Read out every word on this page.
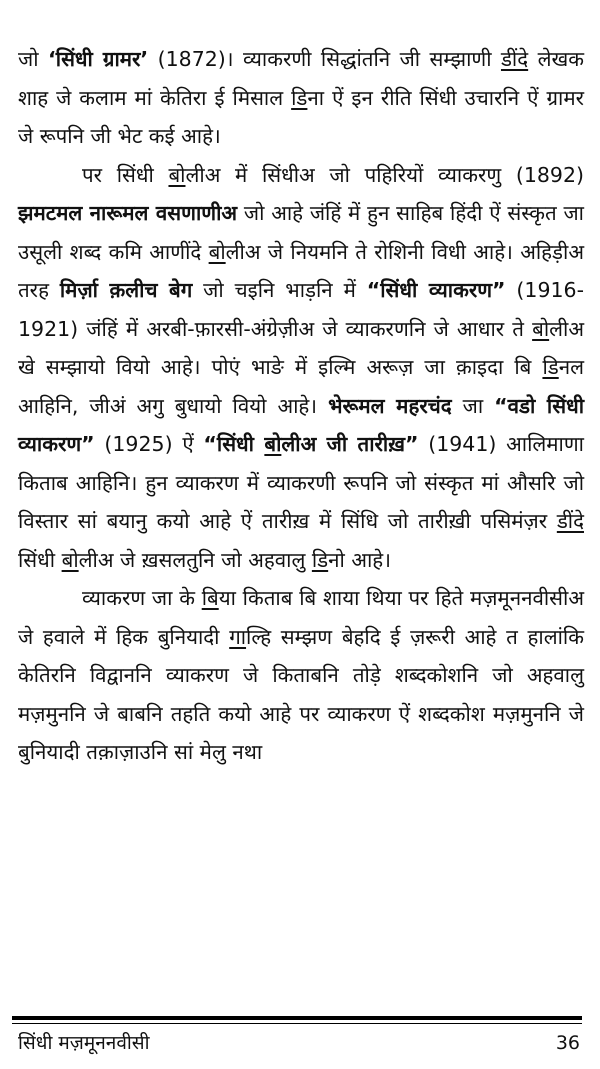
जो ‘सिंधी ग्रामर’ (1872)। व्याकरणी सिद्धांतनि जी सम्झाणी डींदे लेखक शाह जे कलाम मां केतिरा ई मिसाल डिना ऐं इन रीति सिंधी उचारनि ऐं ग्रामर जे रूपनि जी भेट कई आहे।

पर सिंधी बोलीअ में सिंधीअ जो पहिरियों व्याकरणु (1892) झमटमल नारूमल वसणाणीअ जो आहे जंहिं में हुन साहिब हिंदी ऐं संस्कृत जा उसूली शब्द कमि आणींदे बोलीअ जे नियमनि ते रोशिनी विधी आहे। अहिड़ीअ तरह मिर्ज़ा क़लीच बेग जो चइनि भाड़नि में “सिंधी व्याकरण” (1916-1921) जंहिं में अरबी-फ़ारसी-अंग्रेज़ीअ जे व्याकरणनि जे आधार ते बोलीअ खे सम्झायो वियो आहे। पोएं भाङे में इल्मि अरूज़ जा क़ाइदा बि डिनल आहिनि, जीअं अगु बुधायो वियो आहे। भेरूमल महरचंद जा “वडो सिंधी व्याकरण” (1925) ऐं “सिंधी बोलीअ जी तारीख़” (1941) आलिमाणा किताब आहिनि। हुन व्याकरण में व्याकरणी रूपनि जो संस्कृत मां औसरि जो विस्तार सां बयानु कयो आहे ऐं तारीख़ में सिंधि जो तारीख़ी पसिमंज़र डींदे सिंधी बोलीअ जे ख़सलतुनि जो अहवालु डिनो आहे।

व्याकरण जा के बिया किताब बि शाया थिया पर हिते मज़मूननवीसीअ जे हवाले में हिक बुनियादी गाल्हि सम्झण बेहदि ई ज़रूरी आहे त हालांकि केतिरनि विद्वाननि व्याकरण जे किताबनि तोड़े शब्दकोशनि जो अहवालु मज़मुननि जे बाबनि तहति कयो आहे पर व्याकरण ऐं शब्दकोश मज़मुननि जे बुनियादी तक़ाज़ाउनि सां मेलु नथा

सिंधी मज़मूननवीसी	36
